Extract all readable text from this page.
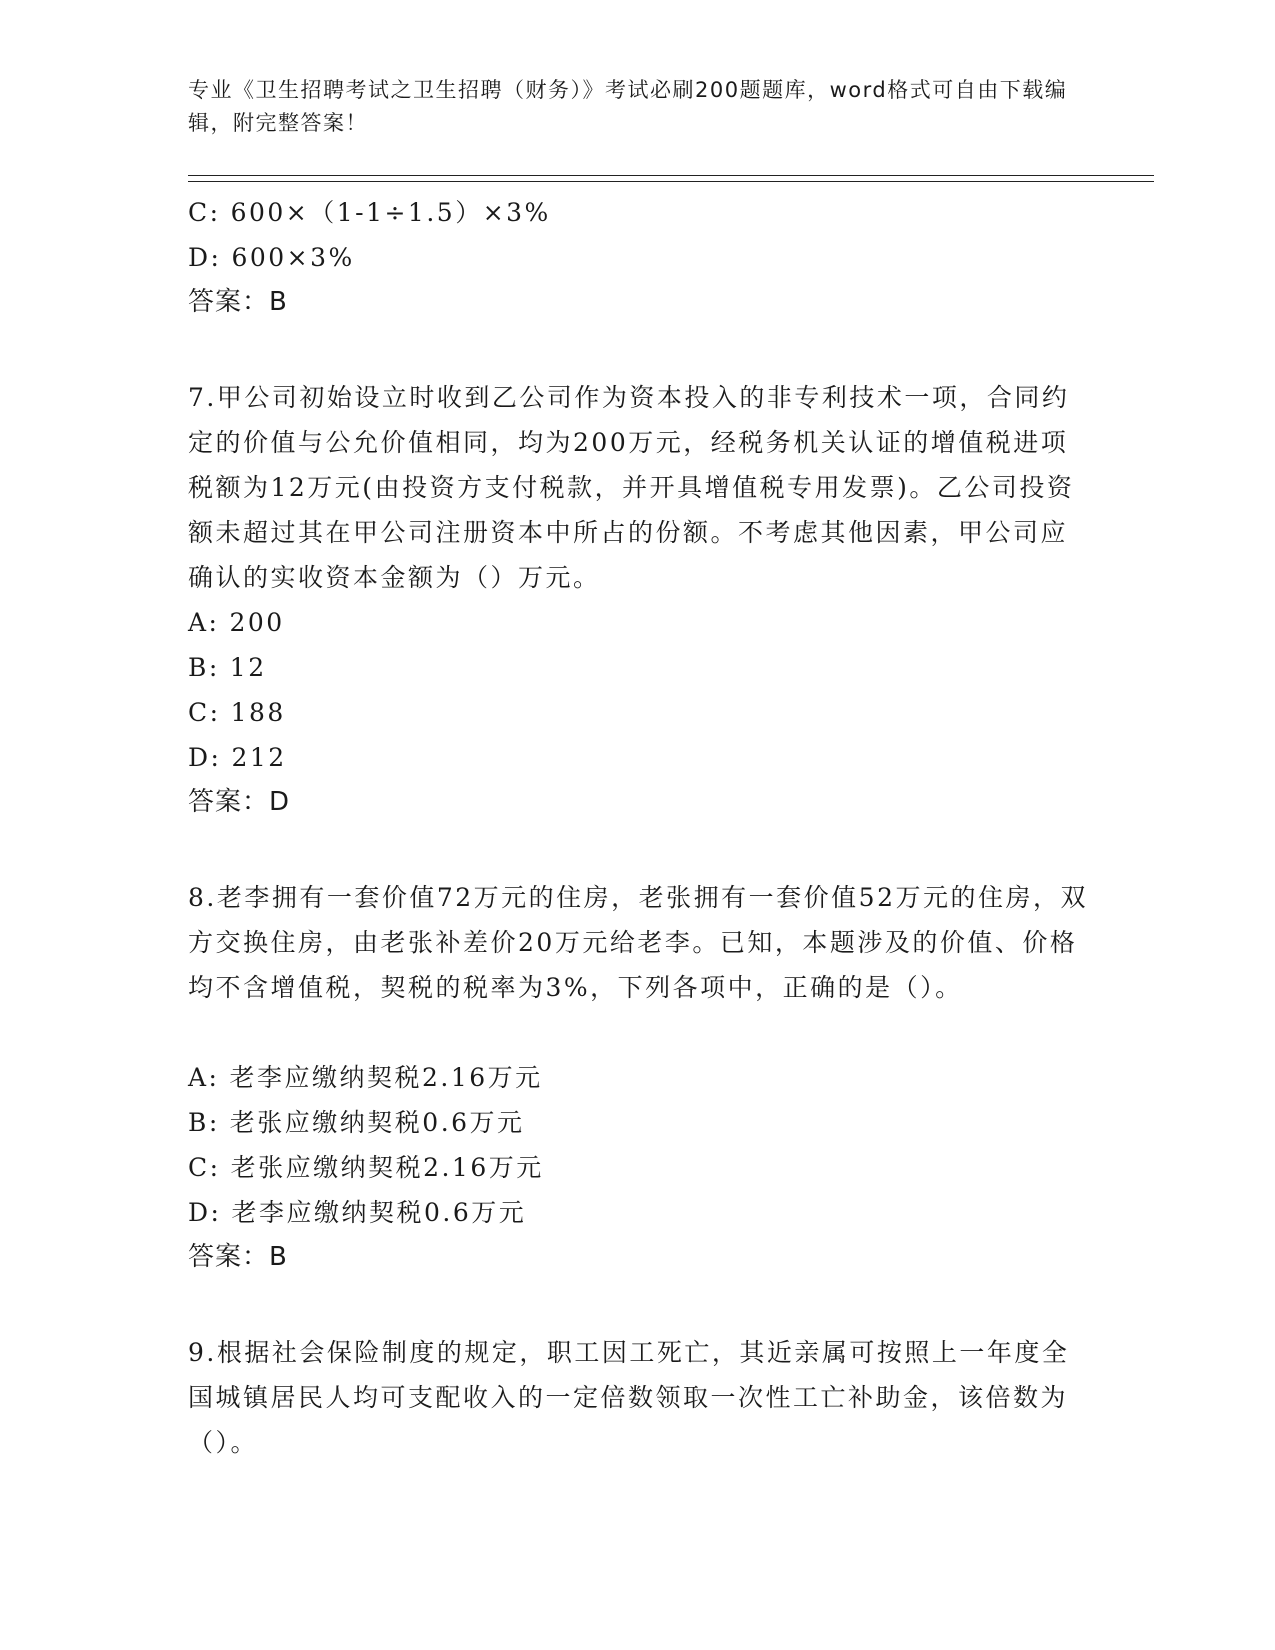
专业《卫生招聘考试之卫生招聘（财务）》考试必刷200题题库，word格式可自由下载编辑，附完整答案！
C: 600×（1-1÷1.5）×3%
D: 600×3%
答案：B
7.甲公司初始设立时收到乙公司作为资本投入的非专利技术一项，合同约定的价值与公允价值相同，均为200万元，经税务机关认证的增值税进项税额为12万元(由投资方支付税款，并开具增值税专用发票)。乙公司投资额未超过其在甲公司注册资本中所占的份额。不考虑其他因素，甲公司应确认的实收资本金额为（）万元。
A: 200
B: 12
C: 188
D: 212
答案：D
8.老李拥有一套价值72万元的住房，老张拥有一套价值52万元的住房，双方交换住房，由老张补差价20万元给老李。已知，本题涉及的价值、价格均不含增值税，契税的税率为3%，下列各项中，正确的是（）。
A: 老李应缴纳契税2.16万元
B: 老张应缴纳契税0.6万元
C: 老张应缴纳契税2.16万元
D: 老李应缴纳契税0.6万元
答案：B
9.根据社会保险制度的规定，职工因工死亡，其近亲属可按照上一年度全国城镇居民人均可支配收入的一定倍数领取一次性工亡补助金，该倍数为（）。
